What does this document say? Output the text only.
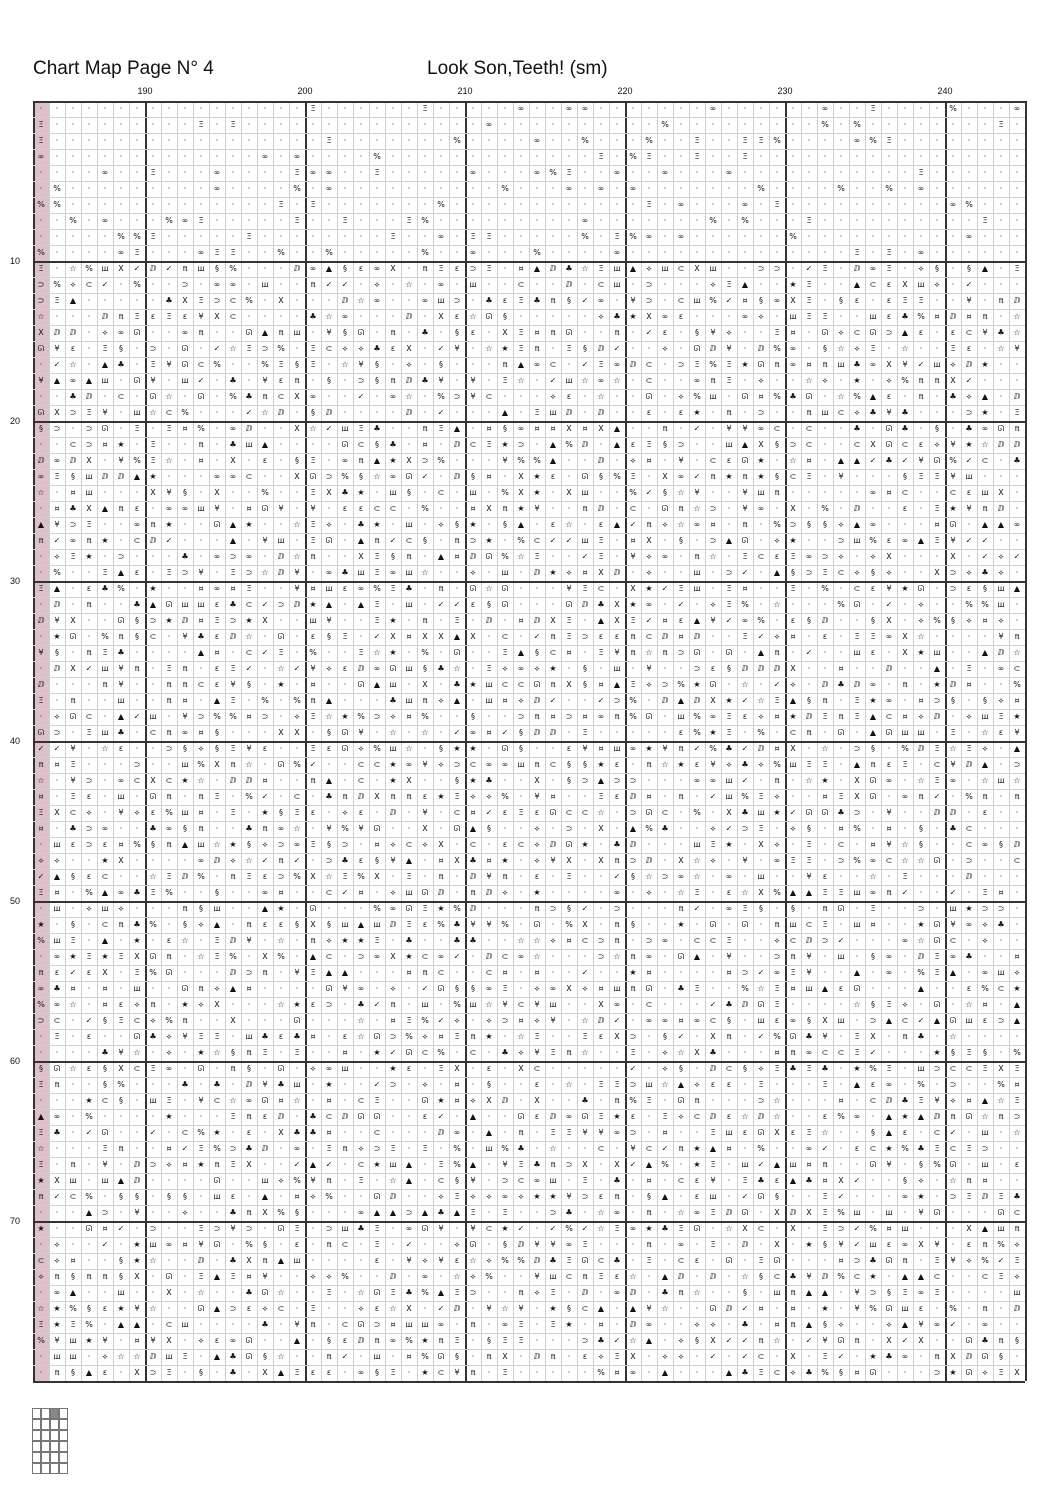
Chart Map Page N° 4	Look Son,Teeth! (sm)
190	200	210	220	230	240
10
20
30
40
50
60
70
·	·	·	·	·	·	·	·	·	·	·	·	·	·	·	·	·	Ξ	·	·	·	·	·	·	Ξ	·	·	·	·	·	∞	·	·	∞	∞	·	·	·	·	·	·	·	∞	·	·	·	·	·	·	∞	·	·	Ξ	·	·	·	·	%	·	·	·	∞
Ξ	·	·	·	·	·	·	·	·	·	Ξ	·	Ξ	·	·	·	·	·	·	·	·	·	·	·	·	·	·	·	∞	·	·	·	·	·	·	·	·	·	·	%	·	·	·	·	·	·	·	·	·	%	·	%	·	·	·	·	·	·	·	·	Ξ	·
Ξ	·	·	·	·	·	·	·	·	·	·	·	·	·	·	·	·	·	Ξ	·	·	·	·	·	·	·	%	·	·	·	·	∞	·	·	%	·	·	·	%	·	·	Ξ	·	·	Ξ	Ξ	%	·	·	·	·	∞	%	Ξ	·	·	·	·	·	·	·	·
∞	·	·	·	·	·	·	·	·	·	·	·	·	·	∞	·	∞	·	·	·	·	%	·	·	·	·	·	·	·	·	·	·	·	·	·	Ξ	·	%	Ξ	·	·	Ξ	·	·	Ξ	·	·	·	·	·	·	·	·	·	·	·	·	·	·	·	·	·
·	·	·	·	∞	·	·	Ξ	·	·	·	∞	·	·	·	·	Ξ	∞	∞	·	·	Ξ	·	·	·	·	·	∞	·	·	·	∞	%	Ξ	·	·	∞	·	·	∞	·	·	·	∞	·	·	·	·	·	·	·	·	·	·	·	Ξ	·	·	·	·	·	·
·	%	·	·	·	·	·	·	·	·	·	∞	·	·	·	·	%	·	∞	·	·	·	·	·	·	·	·	·	·	%	·	·	·	∞	·	∞	·	∞	·	·	·	·	·	·	·	%	·	·	·	·	%	·	·	%	·	∞	·	·	·	·	·	·
%	%	·	·	·	·	·	·	·	·	·	·	·	·	·	Ξ	·	Ξ	·	·	·	·	·	·	·	%	·	·	·	·	·	·	·	·	·	·	·	·	Ξ	·	∞	·	·	·	∞	·	Ξ	·	·	·	·	·	·	·	·	·	·	∞	%	·	·	·
·	·	%	·	∞	·	·	·	%	∞	Ξ	·	·	·	·	·	Ξ	·	·	Ξ	·	·	·	Ξ	%	·	·	·	·	·	·	·	·	·	∞	·	·	·	·	·	·	·	%	·	%	·	·	·	Ξ	·	·	·	·	·	·	·	·	·	·	Ξ	·	·
·	·	·	·	·	%	%	Ξ	·	·	·	·	·	Ξ	·	·	·	·	·	·	·	·	Ξ	·	·	∞	·	Ξ	Ξ	·	·	·	·	·	%	·	Ξ	%	∞	·	∞	·	·	·	·	·	·	%	·	·	·	·	·	·	·	·	·	·	∞	·	·	·
%	·	·	·	·	∞	Ξ	·	·	·	∞	Ξ	Ξ	·	·	%	·	·	%	·	·	·	·	·	%	·	·	∞	·	·	·	%	·	·	·	·	∞	·	·	·	·	·	·	·	·	·	·	·	·	·	·	Ξ	·	Ξ	·	∞	·	·	·	·	·	·
Ξ	·	☆	%	ш	X	✓	ⅅ	✓	π	ш	§	%	·	·	·	ⅅ	∞	▲	§	ε	∞	X	·	π	Ξ	ε	⊃	Ξ	·	¤	▲	ⅅ	♣	☆	Ξ	ш	▲	⟡	ш	⊂	X	ш	·	·	⊃	⊃	·	✓	Ξ	·	ⅅ	∞	Ξ	·	⟡	§	·	§	▲	·	Ξ
⊃	%	⟡	⊂	✓	·	%	·	·	⊃	·	∞	∞	·	ш	·	·	π	✓	✓	·	⟡	·	☆	·	∞	·	ш	·	·	⊂	·	·	ⅅ	·	⊂	ш	·	⊃	·	·	·	⟡	Ξ	▲	·	·	★	Ξ	·	·	▲	⊂	ε	X	ш	⟡	·	✓	·	·	·
⊃	Ξ	▲	·	·	·	·	·	♣	X	Ξ	⊃	⊂	%	·	X	·	·	·	ⅅ	☆	∞	·	·	∞	ш	⊃	·	♣	ε	Ξ	♣	π	§	✓	∞	·	¥	⊃	·	⊂	ш	%	✓	¤	§	∞	X	Ξ	·	§	ε	·	ε	Ξ	Ξ	·	·	¥	·	π	ⅅ
☆	·	·	·	ⅅ	π	Ξ	ε	Ξ	ε	¥	X	⊂	·	·	·	·	♣	☆	∞	·	·	·	ⅅ	·	X	ε	☆	ᘏ	§	·	·	·	·	·	⟡	♣	★	X	∞	ε	·	·	·	∞	⟡	·	ш	Ξ	Ξ	·	·	ш	ε	♣	%	¤	ⅅ	¤	π	·	☆
X	ⅅ	ⅅ	·	⟡	∞	ᘏ	·	·	∞	π	·	·	ᘏ	▲	π	ш	·	¥	§	ᘏ	·	π	·	♣	·	§	ε	·	X	Ξ	¤	π	ᘏ	·	·	π	·	✓	ε	·	§	¥	⟡	·	·	Ξ	¤	·	ᘏ	⟡	⊂	ᘏ	⊃	▲	ε	·	ε	⊂	¥	♣	☆
ᘏ	¥	ε	·	Ξ	§	·	⊃	·	ᘏ	·	✓	☆	Ξ	⊃	%	·	Ξ	⊂	⟡	⟡	♣	ε	X	·	✓	¥	·	☆	★	Ξ	π	·	Ξ	§	ⅅ	✓	·	·	⟡	·	ᘏ	ⅅ	¥	·	ⅅ	%	∞	·	§	☆	⟡	Ξ	·	☆	·	·	Ξ	ε	·	☆	¥
·	✓	☆	·	▲	♣	·	Ξ	¥	ᘏ	⊂	%	·	·	%	Ξ	§	Ξ	·	☆	¥	§	·	⟡	·	§	·	·	·	π	▲	∞	⊂	·	✓	Ξ	∞	ⅅ	⊂	·	⊃	Ξ	%	Ξ	★	ᘏ	π	∞	¤	π	ш	♣	∞	X	¥	✓	ш	⟡	ⅅ	★	·	·
¥	▲	∞	▲	ш	·	ᘏ	¥	·	ш	✓	·	♣	·	¥	ε	π	·	§	·	⊃	§	π	ⅅ	♣	¥	·	¥	·	Ξ	☆	·	✓	ш	☆	∞	☆	·	⊂	·	·	∞	π	Ξ	·	⟡	·	·	☆	⟡	·	★	·	⟡	%	π	π	X	✓	·	·	·
·	·	♣	ⅅ	·	⊂	·	ᘏ	☆	·	ᘏ	·	%	♣	π	⊂	X	∞	·	·	✓	·	∞	☆	·	%	⊃	¥	⊂	·	·	·	⟡	ε	·	☆	·	·	ᘏ	·	⟡	%	ш	·	ᘏ	¤	%	♣	ᘏ	·	☆	%	▲	ε	·	π	·	♣	⟡	▲	·	ⅅ
ᘏ	X	⊃	Ξ	¥	·	ш	☆	⊂	%	·	·	·	✓	☆	ⅅ	·	§	ⅅ	·	·	·	·	ⅅ	·	✓	·	·	·	▲	·	Ξ	ш	ⅅ	·	ⅅ	·	·	ε	·	ε	★	·	π	·	⊃	·	·	π	ш	⊂	⟡	♣	¥	♣	·	·	·	⊃	★	·	Ξ
§	⊃	·	⊃	ᘏ	·	Ξ	·	Ξ	¤	%	·	∞	ⅅ	·	·	X	☆	✓	ш	Ξ	♣	·	·	π	Ξ	▲	·	¤	§	∞	¤	¤	X	¤	X	▲	·	·	π	·	✓	·	¥	¥	∞	⊂	·	⊂	·	·	♣	·	ᘏ	♣	·	§	·	♣	∞	ᘏ	π
·	·	⊂	⊃	¤	★	·	Ξ	·	·	π	·	♣	ш	▲	·	·	·	·	ᘏ	⊂	§	♣	·	¤	·	ⅅ	⊂	Ξ	★	⊃	·	▲	%	ⅅ	·	▲	ε	Ξ	§	⊃	·	·	ш	▲	X	§	⊃	⊂	·	·	⊂	X	ᘏ	⊂	ε	⟡	¥	★	☆	ⅅ	ⅅ
ⅅ	∞	ⅅ	X	·	¥	%	Ξ	☆	·	¤	·	X	·	ε	·	§	Ξ	·	∞	π	▲	★	X	⊃	%	·	·	·	¥	%	%	▲	·	·	ⅅ	·	⟡	¤	·	¥	·	⊂	ε	ᘏ	★	·	☆	¤	·	▲	▲	✓	♣	✓	¥	ᘏ	%	✓	⊂	·	♣
∞	Ξ	§	ш	ⅅ	ⅅ	▲	★	·	·	·	∞	∞	⊂	·	·	X	ᘏ	⊃	%	§	☆	∞	ᘏ	✓	·	ⅅ	§	¤	·	X	★	ε	·	ᘏ	§	%	Ξ	·	X	∞	✓	π	★	π	★	§	⊂	Ξ	·	¥	·	·	·	§	Ξ	Ξ	¥	ш	·	·	·
☆	·	¤	ш	·	·	·	X	¥	§	·	X	·	·	%	·	·	Ξ	X	♣	★	·	ш	§	·	⊂	·	ш	·	%	X	★	·	X	ш	·	·	%	✓	§	☆	¥	·	·	¥	ш	π	·	·	·	·	·	∞	¤	⊂	·	·	⊂	ε	ш	X	·
·	¤	♣	X	▲	π	ε	·	∞	∞	ш	¥	·	¤	ᘏ	¥	·	¥	·	ε	ε	⊂	⊂	·	%	·	·	¤	X	π	★	¥	·	·	π	ⅅ	·	⊂	·	ᘏ	π	☆	⊃	·	¥	∞	·	X	·	%	·	ⅅ	·	·	ε	·	Ξ	★	¥	π	ⅅ	·
▲	¥	⊃	Ξ	·	·	∞	π	★	·	·	ᘏ	▲	★	·	·	☆	Ξ	⟡	·	♣	★	·	ш	·	⟡	§	★	·	§	▲	·	ε	☆	·	ε	▲	✓	π	⟡	☆	∞	¤	·	π	·	%	⊃	§	§	⟡	▲	∞	·	·	·	¤	ᘏ	·	▲	▲	∞
π	✓	∞	π	★	·	⊂	ⅅ	✓	·	·	·	▲	·	¥	ш	·	Ξ	ᘏ	·	▲	π	✓	⊂	§	·	π	⊃	★	·	%	⊂	✓	✓	ш	Ξ	·	¤	X	·	§	·	⊃	▲	ᘏ	·	⟡	★	·	·	⊃	ш	%	ε	∞	▲	Ξ	¥	✓	✓	·	·
·	⟡	Ξ	★	·	⊃	·	·	·	♣	·	∞	⊃	∞	·	ⅅ	☆	π	·	·	X	Ξ	§	π	·	▲	¤	ⅅ	ᘏ	%	☆	Ξ	·	·	✓	Ξ	·	¥	⟡	∞	·	π	☆	·	Ξ	⊂	ε	Ξ	∞	⊃	⟡	·	⟡	X	·	·	·	X	·	✓	⟡	✓
·	%	·	·	Ξ	▲	ε	·	Ξ	⊃	¥	·	Ξ	⊃	☆	ⅅ	¥	·	∞	♣	ш	Ξ	∞	ш	☆	·	·	⟡	·	ш	·	ⅅ	★	⟡	¤	X	ⅅ	·	⟡	·	·	ш	·	⊃	✓	·	▲	§	⊃	Ξ	⊂	⟡	§	⟡	·	·	X	⊃	⟡	♣	⟡	·
Ξ	▲	·	ε	♣	%	·	★	·	·	¤	∞	¤	Ξ	·	·	¥	¤	ш	ε	∞	%	Ξ	♣	·	π	·	ᘏ	☆	ᘏ	·	·	·	¥	Ξ	⊂	·	X	★	✓	Ξ	ш	·	Ξ	¤	·	·	Ξ	·	%	·	⊂	ε	¥	★	ᘏ	·	⊃	ε	§	ш	▲
·	ⅅ	·	π	·	·	♣	▲	ᘏ	ш	ш	ε	♣	⊂	✓	⊃	ⅅ	★	▲	·	▲	Ξ	·	ш	·	✓	✓	ε	§	ᘏ	·	·	·	ᘏ	ⅅ	♣	X	★	∞	·	✓	·	⟡	Ξ	%	·	☆	·	·	·	%	ᘏ	·	✓	·	⟡	·	·	%	%	ш	·
ⅅ	¥	X	·	·	ᘏ	§	⊃	★	ⅅ	¤	Ξ	⊃	★	X	·	·	ш	¥	·	·	Ξ	★	·	π	·	Ξ	·	ⅅ	·	¤	ⅅ	X	Ξ	·	▲	X	Ξ	✓	¤	ε	▲	¥	✓	∞	%	·	ε	§	ⅅ	·	·	§	X	·	⟡	%	§	⟡	¤	⟡	·
·	★	ᘏ	·	%	π	§	⊂	·	¥	♣	ε	ⅅ	☆	·	ᘏ	·	ε	§	Ξ	·	✓	X	¤	X	X	▲	X	·	⊂	·	✓	π	Ξ	⊃	ε	ε	π	⊂	ⅅ	¤	ⅅ	·	·	Ξ	✓	⟡	¤	·	ε	·	Ξ	Ξ	∞	X	☆	·	·	·	·	¥	π
¥	§	·	π	Ξ	♣	·	·	·	·	▲	¤	·	⊂	✓	Ξ	·	%	·	·	Ξ	☆	★	·	%	·	ᘏ	·	·	Ξ	▲	§	⊂	¤	·	Ξ	¥	π	☆	π	⊃	ᘏ	·	ᘏ	·	▲	π	·	✓	·	·	ш	ε	·	X	★	ш	·	·	▲	ⅅ	☆
·	ⅅ	X	✓	ш	¥	π	·	Ξ	π	·	ε	Ξ	✓	·	☆	✓	¥	⟡	ε	ⅅ	∞	ᘏ	ш	§	♣	☆	·	Ξ	⟡	∞	⟡	★	·	§	·	ш	·	¥	·	·	⊃	ε	§	ⅅ	ⅅ	ⅅ	X	·	·	¤	·	·	ⅅ	·	·	▲	·	Ξ	·	∞	⊂
ⅅ	·	·	·	π	¥	·	·	π	π	⊂	ε	¥	§	·	★	·	¤	·	·	ᘏ	▲	ш	·	X	·	♣	★	ш	⊂	⊂	ᘏ	π	X	§	¤	▲	Ξ	⟡	⊃	%	★	ᘏ	·	☆	·	✓	⟡	·	ⅅ	♣	ⅅ	∞	·	π	·	★	ⅅ	¤	·	·	%
Ξ	·	π	·	·	ш	·	·	π	¤	·	▲	Ξ	·	%	·	%	π	▲	·	·	·	♣	ш	π	⟡	▲	·	ш	¤	⟡	ⅅ	✓	·	·	✓	⊃	%	·	ⅅ	▲	ⅅ	X	★	✓	☆	Ξ	▲	§	π	·	Ξ	★	∞	·	¤	⊃	§	·	§	⟡	¤
·	⟡	ᘏ	⊂	·	▲	✓	ш	·	¥	⊃	%	%	¤	⊃	·	⟡	Ξ	☆	★	%	⊃	⟡	¤	%	·	·	§	·	·	⊃	π	¤	⊃	¤	∞	π	%	ᘏ	·	ш	%	∞	Ξ	ε	⟡	¤	★	ⅅ	Ξ	π	Ξ	▲	⊂	¤	⟡	ⅅ	·	⟡	ш	Ξ	★
ᘏ	⊃	·	Ξ	ш	♣	·	⊂	π	∞	¤	§	·	·	·	X	X	·	§	ᘏ	¥	·	☆	·	☆	·	✓	∞	¤	✓	§	ⅅ	ⅅ	·	Ξ	·	·	·	·	·	ε	%	★	Ξ	·	%	·	⊂	π	·	ᘏ	·	▲	ᘏ	ш	ш	·	Ξ	·	☆	ε	¥
✓	✓	¥	·	☆	ε	·	·	⊃	§	⟡	§	Ξ	¥	ε	·	·	Ξ	ε	ᘏ	⟡	%	ш	☆	·	§	★	★	·	ᘏ	§	·	·	ε	¥	¤	ш	∞	★	¥	π	✓	%	♣	✓	ⅅ	¤	X	·	☆	·	⊃	§	·	%	ⅅ	Ξ	☆	Ξ	⟡	·	▲
π	¤	Ξ	·	·	·	⊃	·	·	ш	%	X	π	☆	·	ᘏ	%	✓	·	·	⊂	⊂	★	∞	¥	⟡	⊃	⊂	∞	∞	ш	π	⊂	§	§	★	ε	·	π	☆	★	ε	¥	⟡	♣	⟡	%	ш	Ξ	Ξ	·	▲	π	ε	Ξ	·	⊂	¥	ⅅ	▲	·	⊃
☆	·	¥	⊃	·	∞	⊂	X	⊂	★	☆	·	ⅅ	ⅅ	¤	·	·	π	▲	·	⊂	·	★	X	·	·	§	★	♣	·	·	X	·	§	⊃	▲	⊃	⊃	·	·	·	∞	∞	ш	✓	·	π	·	☆	★	·	X	ᘏ	∞	·	☆	Ξ	∞	·	☆	ш	☆
¤	·	Ξ	ε	·	ш	·	ᘏ	π	·	π	Ξ	·	%	✓	·	⊂	·	♣	π	ⅅ	X	π	π	ε	★	Ξ	⟡	⟡	%	·	¥	¤	·	·	Ξ	ε	ⅅ	¤	·	π	·	✓	ш	%	Ξ	⟡	·	·	¤	Ξ	X	ᘏ	·	∞	π	✓	·	%	π	·	π
Ξ	X	⊂	⟡	·	¥	⟡	ε	%	ш	¤	·	Ξ	·	★	§	Ξ	ε	·	⟡	ε	·	ⅅ	·	¥	·	⊂	¤	✓	ε	Ξ	ε	ᘏ	⊂	⊂	☆	·	⊃	ᘏ	⊂	·	%	·	X	♣	ш	★	✓	ᘏ	ᘏ	♣	⊃	·	¥	·	·	ⅅ	ⅅ	·	ε	·	·
¤	·	♣	⊃	∞	·	·	♣	∞	§	π	·	·	♣	π	∞	☆	·	¥	%	¥	ᘏ	·	·	X	·	ᘏ	▲	§	·	·	⟡	·	⊃	·	X	·	▲	%	♣	·	·	⟡	✓	⊃	Ξ	·	⟡	§	·	¤	%	·	¤	·	§	·	♣	⊂	·	·	·
·	ш	ε	⊃	ε	¤	%	§	π	▲	ш	☆	★	§	⟡	⊃	∞	Ξ	§	⊃	·	¤	⟡	⊂	⟡	X	·	⊂	·	ε	⊂	⟡	ⅅ	ᘏ	★	·	♣	ⅅ	·	·	·	ш	Ξ	★	·	X	⟡	·	Ξ	·	⊂	·	¤	¥	☆	§	·	·	⊂	∞	§	ⅅ
⟡	⟡	·	·	★	X	·	·	·	·	∞	ⅅ	⟡	☆	✓	π	✓	·	⊃	♣	ε	§	¥	▲	·	¤	X	♣	¤	★	·	⟡	¥	X	·	X	π	⊃	ⅅ	·	X	☆	⟡	·	¥	·	∞	Ξ	Ξ	·	⊃	%	∞	⊂	☆	☆	ᘏ	·	⊃	·	·	⊂
✓	▲	§	ε	⊂	·	·	☆	Ξ	ⅅ	%	·	π	Ξ	ε	⊃	%	X	☆	Ξ	%	X	·	Ξ	·	π	·	ⅅ	¥	π	·	ε	·	Ξ	·	·	✓	§	☆	⊃	∞	☆	·	∞	·	ш	·	·	¥	ε	·	·	☆	·	Ξ	·	·	·	ⅅ	·	·	·
Ξ	¤	·	%	▲	∞	♣	Ξ	%	·	·	§	·	·	∞	¤	·	·	⊂	✓	¤	·	⟡	ш	ᘏ	ⅅ	·	π	ⅅ	⟡	·	★	·	·	·	·	∞	·	⟡	·	☆	Ξ	·	ε	☆	X	%	▲	▲	Ξ	Ξ	ш	∞	π	✓	·	·	✓	·	Ξ	¤	·
·	ш	·	⟡	ш	⟡	·	·	·	π	§	ш	·	·	▲	★	·	ᘏ	·	·	·	%	∞	ᘏ	Ξ	★	%	ⅅ	·	·	·	π	⊃	§	✓	·	⊃	·	·	·	π	✓	·	∞	Ξ	§	·	§	·	π	ᘏ	·	Ξ	·	·	⊃	·	ш	★	⊃	⊃	·
★	·	§	·	⊂	π	♣	%	·	§	⟡	▲	·	π	ε	ε	§	X	§	ш	▲	ш	ⅅ	Ξ	ε	%	♣	¥	¥	%	·	ᘏ	·	%	X	·	π	§	·	·	★	·	ᘏ	·	ᘏ	·	π	ш	⊂	Ξ	·	ш	¤	·	·	★	ᘏ	¥	∞	⟡	♣	·
%	ш	Ξ	·	▲	·	★	·	ε	☆	·	Ξ	ⅅ	¥	·	☆	·	π	⟡	★	★	Ξ	·	♣	·	·	♣	♣	·	·	☆	☆	⟡	¤	⊂	⊃	π	·	⊃	∞	·	⊂	⊂	Ξ	·	·	⟡	⊂	ⅅ	⊃	✓	·	·	·	∞	☆	ᘏ	⊂	·	⟡	·	·
·	∞	★	Ξ	★	Ξ	X	ᘏ	π	·	☆	Ξ	%	·	X	%	·	▲	⊂	·	⊃	∞	X	★	⊂	∞	✓	·	ⅅ	⊂	∞	☆	·	·	·	⊃	☆	π	∞	·	ᘏ	▲	·	¥	·	·	⊃	π	¥	·	ш	·	§	∞	·	ⅅ	Ξ	∞	♣	·	·	¤
π	ε	✓	ε	X	·	Ξ	%	ᘏ	·	·	·	ⅅ	⊃	π	·	¥	Ξ	▲	▲	·	·	·	¤	π	⊂	·	·	⊂	¤	·	¤	·	·	✓	·	·	★	¤	·	·	·	·	¤	⊃	✓	∞	Ξ	¥	·	·	▲	·	∞	·	%	Ξ	▲	·	∞	ш	⟡
∞	♣	¤	·	¤	·	ш	·	·	ᘏ	π	⟡	▲	¤	·	·	·	·	ᘏ	¥	∞	·	⟡	·	✓	ᘏ	§	§	∞	Ξ	·	⟡	∞	X	⟡	¤	ш	π	ᘏ	·	♣	Ξ	·	·	%	☆	Ξ	¤	ш	▲	ε	ᘏ	·	·	·	▲	·	·	ε	%	⊂	★
%	∞	☆	·	¤	ε	⟡	π	·	★	⟡	X	·	·	·	☆	★	ε	⊃	·	♣	✓	π	·	ш	·	%	ш	☆	¥	⊂	¥	ш	·	·	X	∞	·	⊂	·	·	·	✓	♣	ⅅ	ᘏ	Ξ	·	·	·	·	☆	§	Ξ	⟡	·	ᘏ	·	☆	¤	·	▲
⊃	⊂	·	✓	§	Ξ	⊂	⟡	%	π	·	·	X	·	·	·	ᘏ	·	·	·	☆	·	¤	Ξ	%	✓	⟡	·	⟡	⊃	¤	⟡	¥	·	☆	ⅅ	✓	·	∞	∞	¤	∞	⊂	§	·	ш	ε	∞	§	X	ш	·	⊃	▲	⊂	✓	▲	ᘏ	ш	ε	⊃	▲
·	Ξ	·	ε	·	·	ᘏ	♣	⟡	¥	Ξ	Ξ	·	ш	♣	ε	♣	¤	·	ε	☆	ᘏ	⊃	%	⟡	¤	Ξ	π	★	·	☆	Ξ	·	·	Ξ	ε	X	⊃	·	§	✓	·	X	π	·	✓	%	ᘏ	♣	¥	·	Ξ	X	·	π	♣	·	☆	·	·	·	·
·	·	·	·	♣	¥	☆	·	⟡	·	★	☆	§	π	Ξ	·	Ξ	·	·	¤	·	★	✓	ᘏ	⊂	%	·	⊂	·	♣	⟡	¥	Ξ	π	☆	·	·	Ξ	·	⟡	☆	X	♣	·	·	·	¤	π	∞	⊂	⊂	Ξ	✓	·	·	·	★	§	Ξ	§	·	%
§	ᘏ	☆	ε	§	X	⊂	Ξ	∞	·	ᘏ	·	π	§	·	ᘏ	·	⟡	∞	ш	·	·	★	ε	·	Ξ	X	·	ε	·	X	⊂	·	·	·	·	·	✓	·	⟡	§	·	ⅅ	⊂	§	⟡	Ξ	♣	Ξ	♣	·	★	%	Ξ	·	ш	⊃	⊂	⊂	Ξ	X	Ξ
Ξ	π	·	·	§	%	·	·	·	♣	·	♣	·	ⅅ	¥	♣	ш	·	★	·	·	✓	⊃	·	⟡	·	¤	·	§	·	·	ε	·	☆	·	Ξ	Ξ	⊃	ш	☆	▲	⟡	ε	ε	·	Ξ	·	·	·	Ξ	·	▲	ε	∞	·	%	·	⊃	·	·	%	¤
·	·	·	★	⊂	§	·	ш	Ξ	·	¥	⊂	☆	∞	ᘏ	¤	☆	·	¤	·	⊂	Ξ	·	·	ᘏ	★	¤	⟡	X	ⅅ	·	X	·	·	♣	·	π	%	Ξ	·	ᘏ	π	·	·	·	⊃	☆	·	·	·	¤	·	⊂	ⅅ	♣	Ξ	¥	⟡	¤	▲	☆	Ξ
▲	∞	·	%	·	·	·	·	★	·	·	·	Ξ	π	ε	ⅅ	·	♣	⊂	ⅅ	ᘏ	ᘏ	·	·	ε	✓	·	▲	·	·	ᘏ	ε	ⅅ	∞	ᘏ	Ξ	★	ε	·	Ξ	⟡	⊂	ⅅ	ε	☆	ⅅ	☆	·	·	ε	%	∞	·	▲	★	▲	ⅅ	π	ᘏ	☆	π	⊃
Ξ	♣	·	✓	ᘏ	·	·	✓	·	⊂	%	★	·	ε	·	X	♣	♣	¤	·	·	⊂	·	·	·	ⅅ	∞	·	▲	·	π	·	Ξ	Ξ	¥	¥	∞	⊃	·	¤	·	·	Ξ	ш	ε	ᘏ	X	ε	Ξ	☆	·	·	§	▲	ε	·	⊂	✓	·	ш	·	☆
☆	·	·	·	Ξ	π	·	·	¤	✓	Ξ	%	⊃	♣	ⅅ	·	∞	·	Ξ	π	⟡	⊃	Ξ	·	Ξ	·	%	·	ш	%	♣	·	☆	·	·	⊂	·	¥	⊂	✓	π	★	▲	¤	·	%	·	·	∞	✓	·	ε	⊂	★	%	♣	Ξ	⊂	Ξ	⊃	·	·
Ξ	·	π	·	¥	·	ⅅ	⊃	⟡	¤	★	π	Ξ	X	·	·	✓	▲	✓	·	⊂	★	ш	▲	·	Ξ	%	▲	·	¥	Ξ	♣	π	⊃	X	·	X	✓	▲	%	·	★	Ξ	·	ш	✓	▲	ш	¤	π	·	·	ᘏ	¥	·	§	%	ᘏ	·	ш	·	ε
★	X	ш	·	ш	▲	ⅅ	·	·	·	·	ᘏ	·	·	ш	⟡	%	¥	π	·	Ξ	·	☆	▲	·	⊂	§	¥	·	⊃	⊂	∞	ш	·	Ξ	·	♣	·	¤	·	⊂	ε	¥	·	Ξ	♣	ε	▲	♣	¤	X	✓	·	·	§	⟡	·	☆	π	¤	·	·
π	✓	⊂	%	·	§	§	·	§	§	·	ш	ε	·	▲	·	¤	⟡	%	·	·	ᘏ	ⅅ	·	·	⟡	Ξ	⟡	⟡	∞	⟡	★	★	¥	⊃	ε	π	·	§	▲	·	ε	ш	·	✓	ᘏ	§	·	·	Ξ	✓	·	·	·	∞	★	·	⊃	Ξ	ⅅ	Ξ	♣
·	·	·	▲	⊃	·	¥	·	·	⟡	·	·	♣	π	X	%	§	·	·	·	∞	▲	▲	⊃	▲	♣	▲	Ξ	·	Ξ	·	·	⊃	♣	·	☆	∞	·	π	·	☆	∞	Ξ	ⅅ	ᘏ	·	X	ⅅ	X	Ξ	%	ш	·	ш	·	¥	ᘏ	·	·	·	ᘏ	⊂
★	·	·	ᘏ	¤	✓	·	⊃	·	·	Ξ	⊃	¥	⊃	·	ᘏ	Ξ	·	⊃	ш	♣	Ξ	·	∞	ᘏ	¥	·	¥	⊂	★	✓	·	✓	%	✓	☆	Ξ	∞	★	♣	Ξ	ᘏ	·	☆	X	⊂	·	X	·	Ξ	⊃	✓	%	¤	ш	·	·	·	X	▲	ш	π
·	⟡	·	·	✓	·	★	ш	∞	¤	¥	ᘏ	·	%	§	·	ε	·	π	⊂	·	Ξ	·	✓	·	·	⟡	ᘏ	·	§	ⅅ	¥	¥	∞	Ξ	·	·	·	π	·	∞	·	Ξ	·	ⅅ	·	X	·	★	§	¥	✓	ш	ε	∞	X	¥	·	ε	π	%	⟡
⊂	⟡	¤	·	·	§	★	☆	·	·	ⅅ	·	♣	X	π	▲	ш	·	·	·	·	ε	·	¥	⟡	¥	ε	☆	⟡	%	%	ⅅ	♣	Ξ	ᘏ	⊂	♣	·	Ξ	·	⊂	ε	·	ᘏ	·	Ξ	ᘏ	·	·	·	¤	⊃	♣	ᘏ	π	·	Ξ	¥	⟡	%	✓	Ξ
⟡	π	§	π	π	§	X	·	ᘏ	·	Ξ	▲	Ξ	¤	¥	·	·	⟡	⟡	%	·	·	ⅅ	·	∞	·	☆	⟡	%	·	·	¥	ш	⊂	π	Ξ	ε	☆	·	▲	ⅅ	·	ⅅ	·	☆	§	⊂	♣	¥	ⅅ	%	⊂	★	·	▲	▲	⊂	·	·	⊂	Ξ	⟡
·	∞	▲	·	·	ш	·	·	X	·	☆	·	·	♣	ᘏ	☆	·	·	Ξ	·	☆	ᘏ	Ξ	♣	%	▲	Ξ	⊃	·	·	π	⟡	Ξ	·	ⅅ	·	∞	ⅅ	·	♣	π	☆	·	·	§	·	ш	π	▲	▲	·	¥	⊃	§	Ξ	∞	Ξ	·	·	·	·	ш
☆	★	%	§	ε	★	¥	☆	·	·	ᘏ	▲	⊃	ε	⟡	⊂	·	Ξ	·	·	⟡	ε	☆	X	·	✓	ⅅ	·	¥	☆	¥	·	★	§	⊂	▲	·	▲	¥	☆	·	·	ᘏ	ⅅ	✓	¤	·	¤	·	★	·	¥	%	ᘏ	ш	ε	·	%	·	π	·	ⅅ
Ξ	★	Ξ	%	·	▲	▲	·	⊂	ш	·	·	·	·	♣	·	¥	π	·	⊂	ᘏ	⊃	¤	ш	ш	∞	·	π	·	∞	Ξ	·	Ξ	★	·	¤	·	ⅅ	∞	·	·	⟡	⟡	·	♣	·	¤	π	▲	§	⟡	·	·	⟡	▲	¥	∞	✓	·	∞	·	·
%	¥	ш	★	¥	·	¤	¥	X	·	⟡	ε	∞	ᘏ	·	·	▲	·	§	ε	ⅅ	π	∞	%	★	π	Ξ	·	§	Ξ	Ξ	·	·	·	⊃	♣	✓	☆	▲	·	⟡	§	X	✓	✓	π	☆	·	✓	¥	ᘏ	π	·	X	✓	X	·	·	ᘏ	♣	π	§
·	ш	ш	·	⟡	☆	☆	ⅅ	ш	Ξ	·	▲	♣	ᘏ	§	☆	·	·	π	✓	·	ш	·	¤	%	ᘏ	§	·	π	X	·	ⅅ	π	·	ε	⟡	Ξ	X	·	⟡	⟡	·	✓	·	✓	⊂	·	X	·	Ξ	✓	·	★	♣	∞	·	π	X	ⅅ	ᘏ	§	·
·	π	§	▲	ε	·	X	⊃	Ξ	·	§	·	♣	·	X	▲	Ξ	ε	ε	·	∞	§	Ξ	·	★	⊂	¥	π	·	Ξ	·	·	·	·	·	%	¤	∞	·	▲	·	·	·	▲	♣	Ξ	⊂	⟡	♣	%	§	¤	ᘏ	·	·	·	⊃	★	ᘏ	⟡	Ξ	X
